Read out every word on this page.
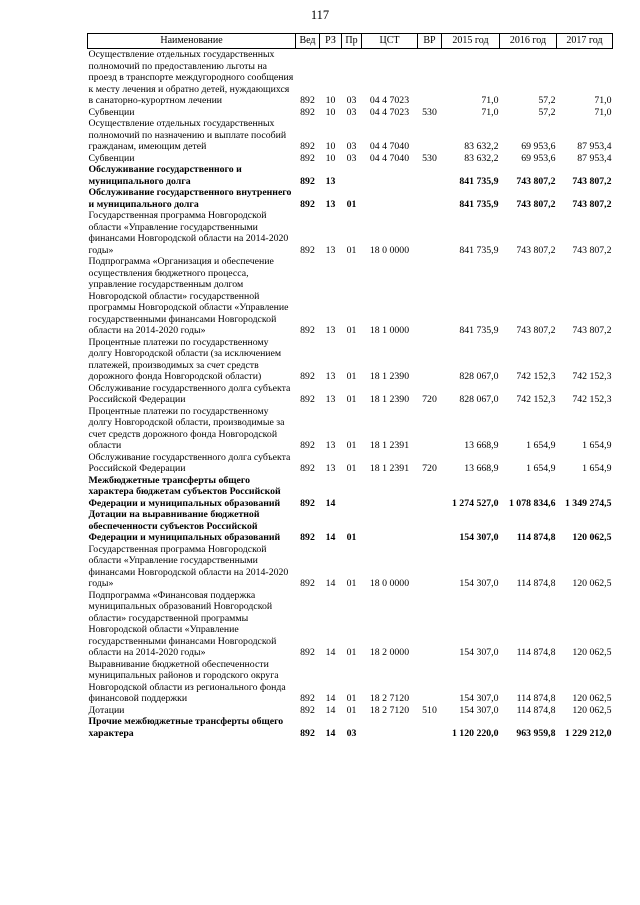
117
Наименование	Вед	РЗ	Пр	ЦСТ	ВР	2015 год	2016 год	2017 год
Осуществление отдельных государственных полномочий по предоставлению льготы на проезд в транспорте междугородного сообщения к месту лечения и обратно детей, нуждающихся в санаторно-курортном лечении	892	10	03	04 4 7023		71,0	57,2	71,0
Субвенции	892	10	03	04 4 7023	530	71,0	57,2	71,0
Осуществление отдельных государственных полномочий по назначению и выплате пособий гражданам, имеющим детей	892	10	03	04 4 7040		83 632,2	69 953,6	87 953,4
Субвенции	892	10	03	04 4 7040	530	83 632,2	69 953,6	87 953,4
Обслуживание государственного и муниципального долга	892	13				841 735,9	743 807,2	743 807,2
Обслуживание государственного внутреннего и муниципального долга	892	13	01			841 735,9	743 807,2	743 807,2
Государственная программа Новгородской области «Управление государственными финансами Новгородской области на 2014-2020 годы»	892	13	01	18 0 0000		841 735,9	743 807,2	743 807,2
Подпрограмма «Организация и обеспечение осуществления бюджетного процесса, управление государственным долгом Новгородской области» государственной программы Новгородской области «Управление государственными финансами Новгородской области на 2014-2020 годы»	892	13	01	18 1 0000		841 735,9	743 807,2	743 807,2
Процентные платежи по государственному долгу Новгородской области (за исключением платежей, производимых за счет средств дорожного фонда Новгородской области)	892	13	01	18 1 2390		828 067,0	742 152,3	742 152,3
Обслуживание государственного долга субъекта Российской Федерации	892	13	01	18 1 2390	720	828 067,0	742 152,3	742 152,3
Процентные платежи по государственному долгу Новгородской области, производимые за счет средств дорожного фонда Новгородской области	892	13	01	18 1 2391		13 668,9	1 654,9	1 654,9
Обслуживание государственного долга субъекта Российской Федерации	892	13	01	18 1 2391	720	13 668,9	1 654,9	1 654,9
Межбюджетные трансферты общего характера бюджетам субъектов Российской Федерации и муниципальных образований	892	14				1 274 527,0	1 078 834,6	1 349 274,5
Дотации на выравнивание бюджетной обеспеченности субъектов Российской Федерации и муниципальных образований	892	14	01			154 307,0	114 874,8	120 062,5
Государственная программа Новгородской области «Управление государственными финансами Новгородской области на 2014-2020 годы»	892	14	01	18 0 0000		154 307,0	114 874,8	120 062,5
Подпрограмма «Финансовая поддержка муниципальных образований Новгородской области» государственной программы Новгородской области «Управление государственными финансами Новгородской области на 2014-2020 годы»	892	14	01	18 2 0000		154 307,0	114 874,8	120 062,5
Выравнивание бюджетной обеспеченности муниципальных районов и городского округа Новгородской области из регионального фонда финансовой поддержки	892	14	01	18 2 7120		154 307,0	114 874,8	120 062,5
Дотации	892	14	01	18 2 7120	510	154 307,0	114 874,8	120 062,5
Прочие межбюджетные трансферты общего характера	892	14	03			1 120 220,0	963 959,8	1 229 212,0
